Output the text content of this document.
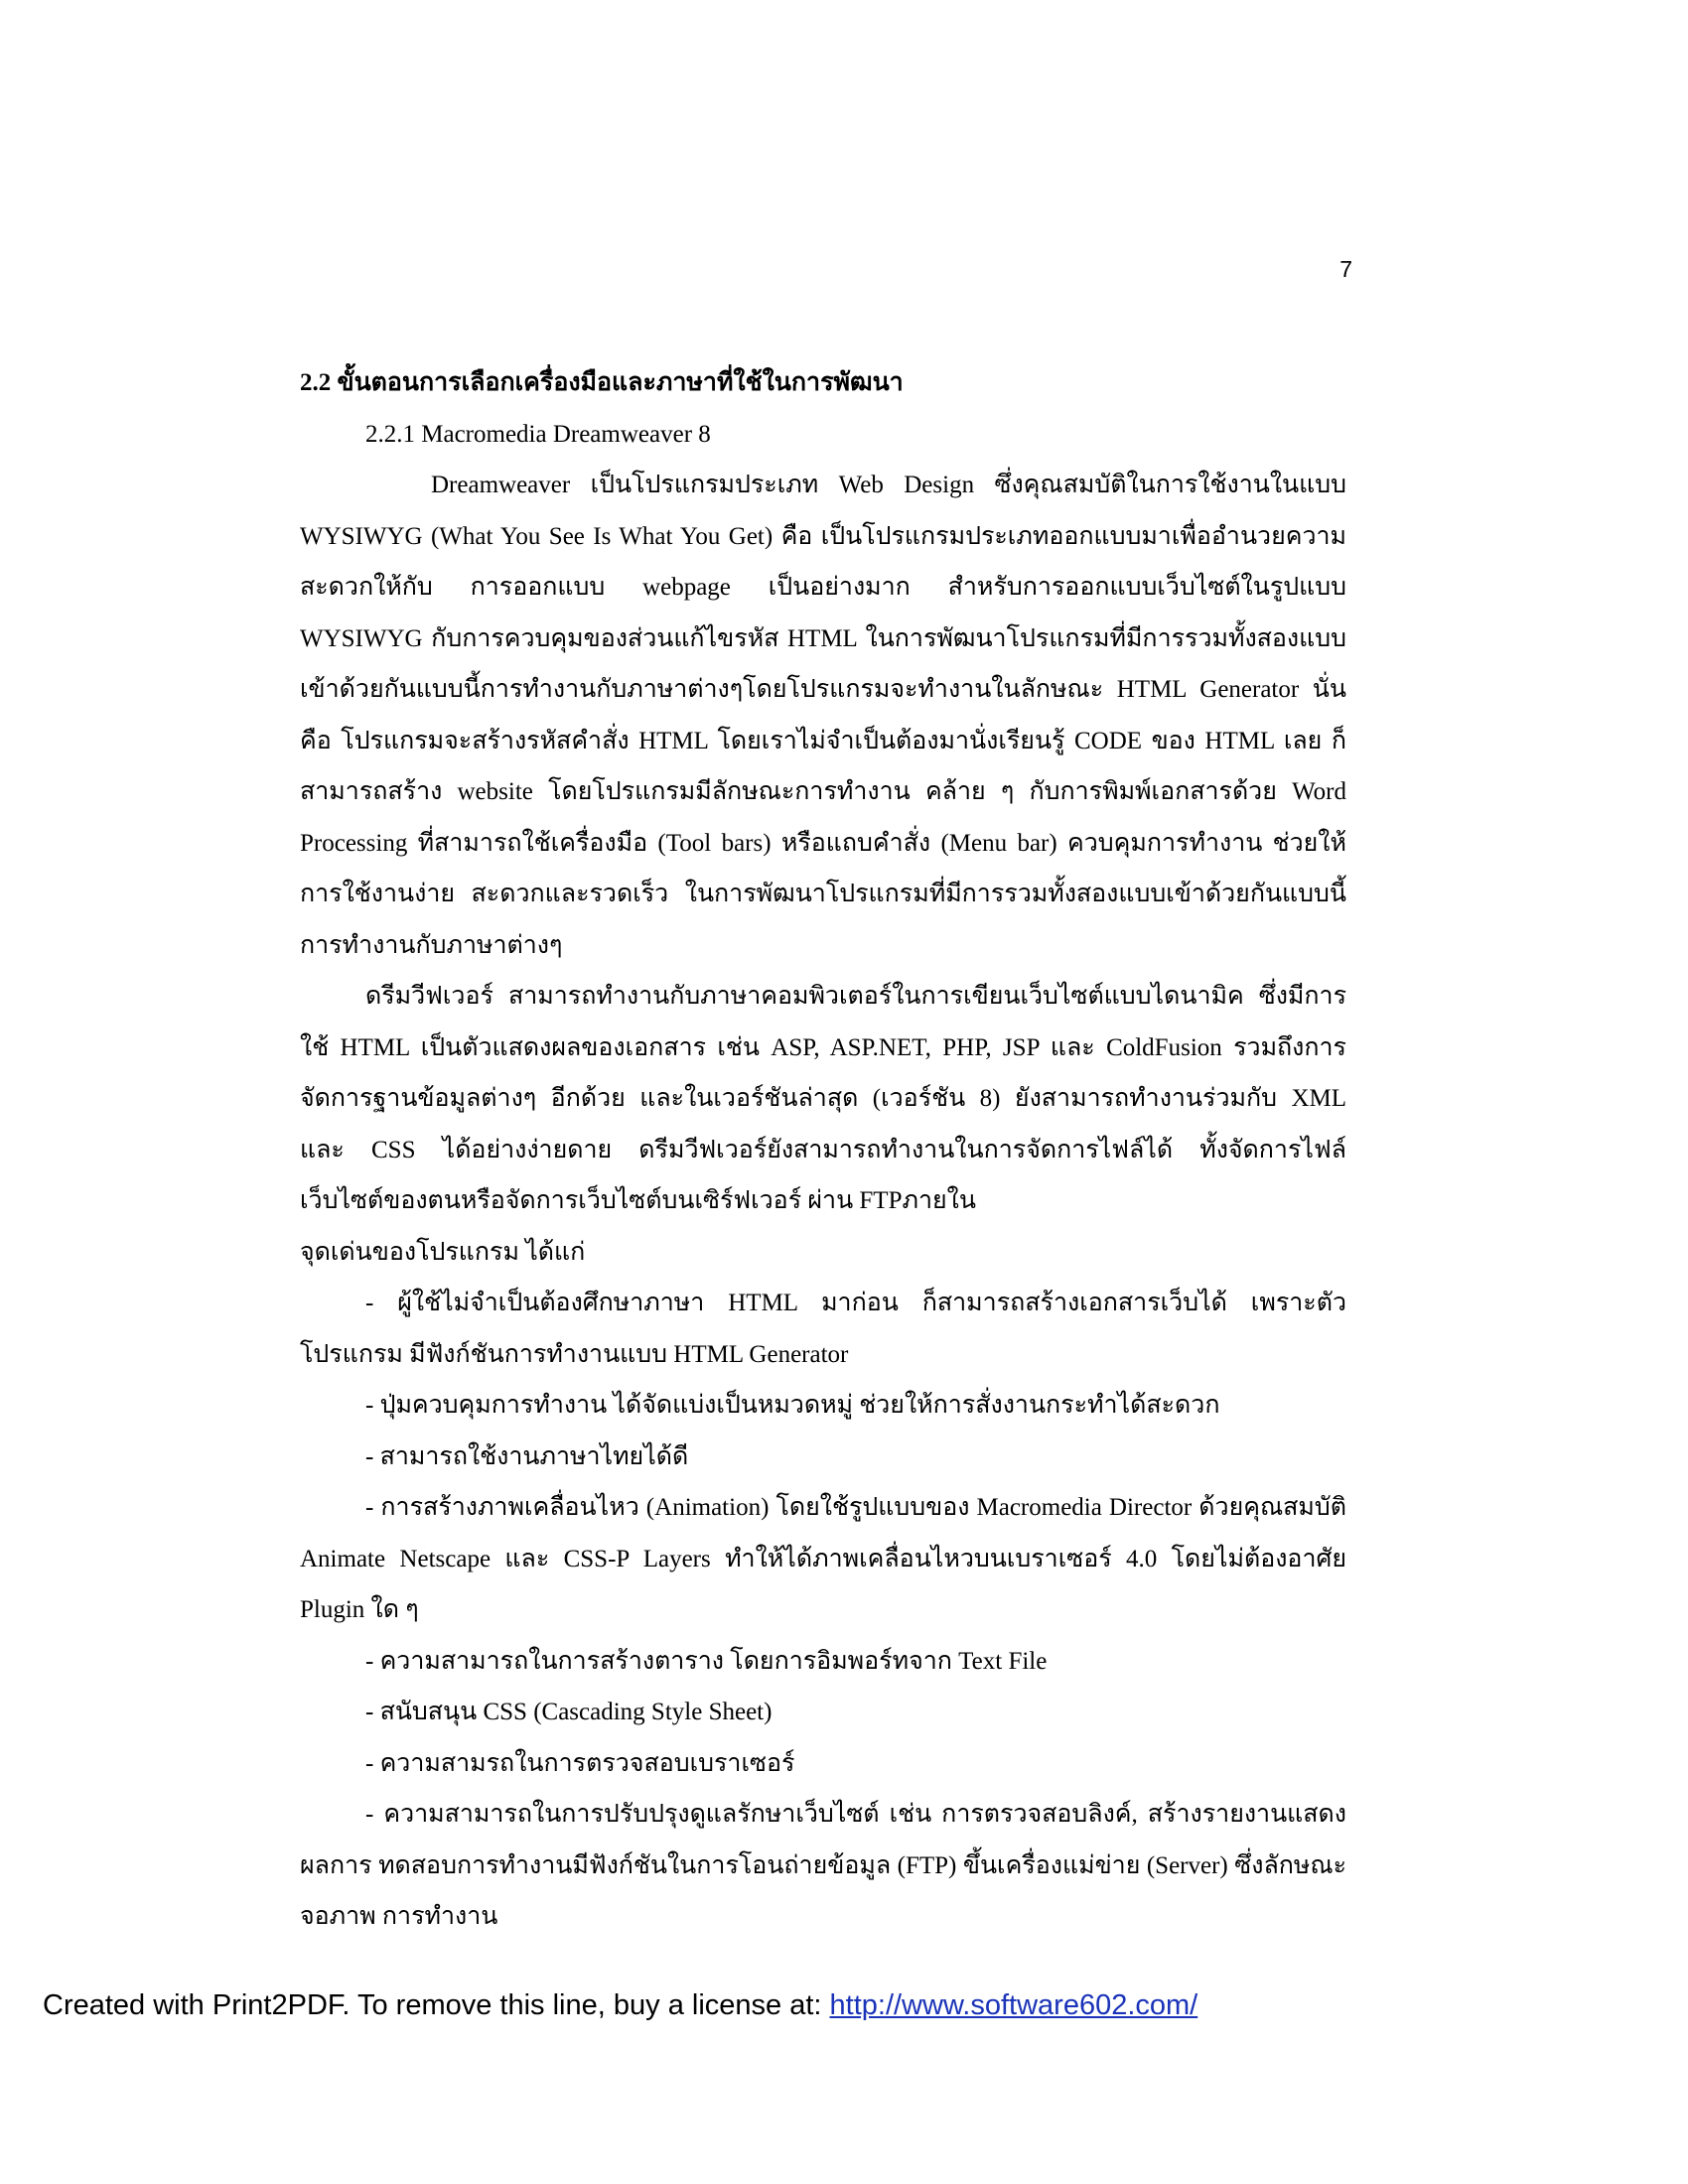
7

2.2 ขั้นตอนการเลือกเครื่องมือและภาษาที่ใช้ในการพัฒนา

2.2.1 Macromedia Dreamweaver 8

Dreamweaver เป็นโปรแกรมประเภท Web Design ซึ่งคุณสมบัติในการใช้งานในแบบ WYSIWYG (What You See Is What You Get) คือ เป็นโปรแกรมประเภทออกแบบมาเพื่ออำนวยความสะดวกให้กับ การออกแบบ webpage เป็นอย่างมาก สำหรับการออกแบบเว็บไซต์ในรูปแบบ WYSIWYG กับการควบคุมของส่วนแก้ไขรหัส HTML ในการพัฒนาโปรแกรมที่มีการรวมทั้งสองแบบเข้าด้วยกันแบบนี้การทำงานกับภาษาต่างๆโดยโปรแกรมจะทำงานในลักษณะ HTML Generator นั่นคือ โปรแกรมจะสร้างรหัสคำสั่ง HTML โดยเราไม่จำเป็นต้องมานั่งเรียนรู้ CODE ของ HTML เลย ก็สามารถสร้าง website โดยโปรแกรมมีลักษณะการทำงาน คล้าย ๆ กับการพิมพ์เอกสารด้วย Word Processing ที่สามารถใช้เครื่องมือ (Tool bars) หรือแถบคำสั่ง (Menu bar) ควบคุมการทำงาน ช่วยให้ การใช้งานง่าย สะดวกและรวดเร็ว ในการพัฒนาโปรแกรมที่มีการรวมทั้งสองแบบเข้าด้วยกันแบบนี้การทำงานกับภาษาต่างๆ

ดรีมวีฟเวอร์ สามารถทำงานกับภาษาคอมพิวเตอร์ในการเขียนเว็บไซต์แบบไดนามิค ซึ่งมีการใช้ HTML เป็นตัวแสดงผลของเอกสาร เช่น ASP, ASP.NET, PHP, JSP และ ColdFusion รวมถึงการจัดการฐานข้อมูลต่างๆ อีกด้วย และในเวอร์ชันล่าสุด (เวอร์ชัน 8) ยังสามารถทำงานร่วมกับ XML และ CSS ได้อย่างง่ายดาย ดรีมวีฟเวอร์ยังสามารถทำงานในการจัดการไฟล์ได้ ทั้งจัดการไฟล์เว็บไซต์ของตนหรือจัดการเว็บไซต์บนเซิร์ฟเวอร์ ผ่าน FTPภายใน

จุดเด่นของโปรแกรม ได้แก่

- ผู้ใช้ไม่จำเป็นต้องศึกษาภาษา HTML มาก่อน ก็สามารถสร้างเอกสารเว็บได้ เพราะตัวโปรแกรม มีฟังก์ชันการทำงานแบบ HTML Generator

- ปุ่มควบคุมการทำงาน ได้จัดแบ่งเป็นหมวดหมู่ ช่วยให้การสั่งงานกระทำได้สะดวก

- สามารถใช้งานภาษาไทยได้ดี

- การสร้างภาพเคลื่อนไหว (Animation) โดยใช้รูปแบบของ Macromedia Director ด้วยคุณสมบัติ Animate Netscape และ CSS-P Layers ทำให้ได้ภาพเคลื่อนไหวบนเบราเซอร์ 4.0 โดยไม่ต้องอาศัย Plugin ใด ๆ

- ความสามารถในการสร้างตาราง โดยการอิมพอร์ทจาก Text File

- สนับสนุน CSS (Cascading Style Sheet)

- ความสามรถในการตรวจสอบเบราเซอร์

- ความสามารถในการปรับปรุงดูแลรักษาเว็บไซต์ เช่น การตรวจสอบลิงค์, สร้างรายงานแสดงผลการ ทดสอบการทำงานมีฟังก์ชันในการโอนถ่ายข้อมูล (FTP) ขึ้นเครื่องแม่ข่าย (Server) ซึ่งลักษณะจอภาพ การทำงาน

Created with Print2PDF. To remove this line, buy a license at: http://www.software602.com/
